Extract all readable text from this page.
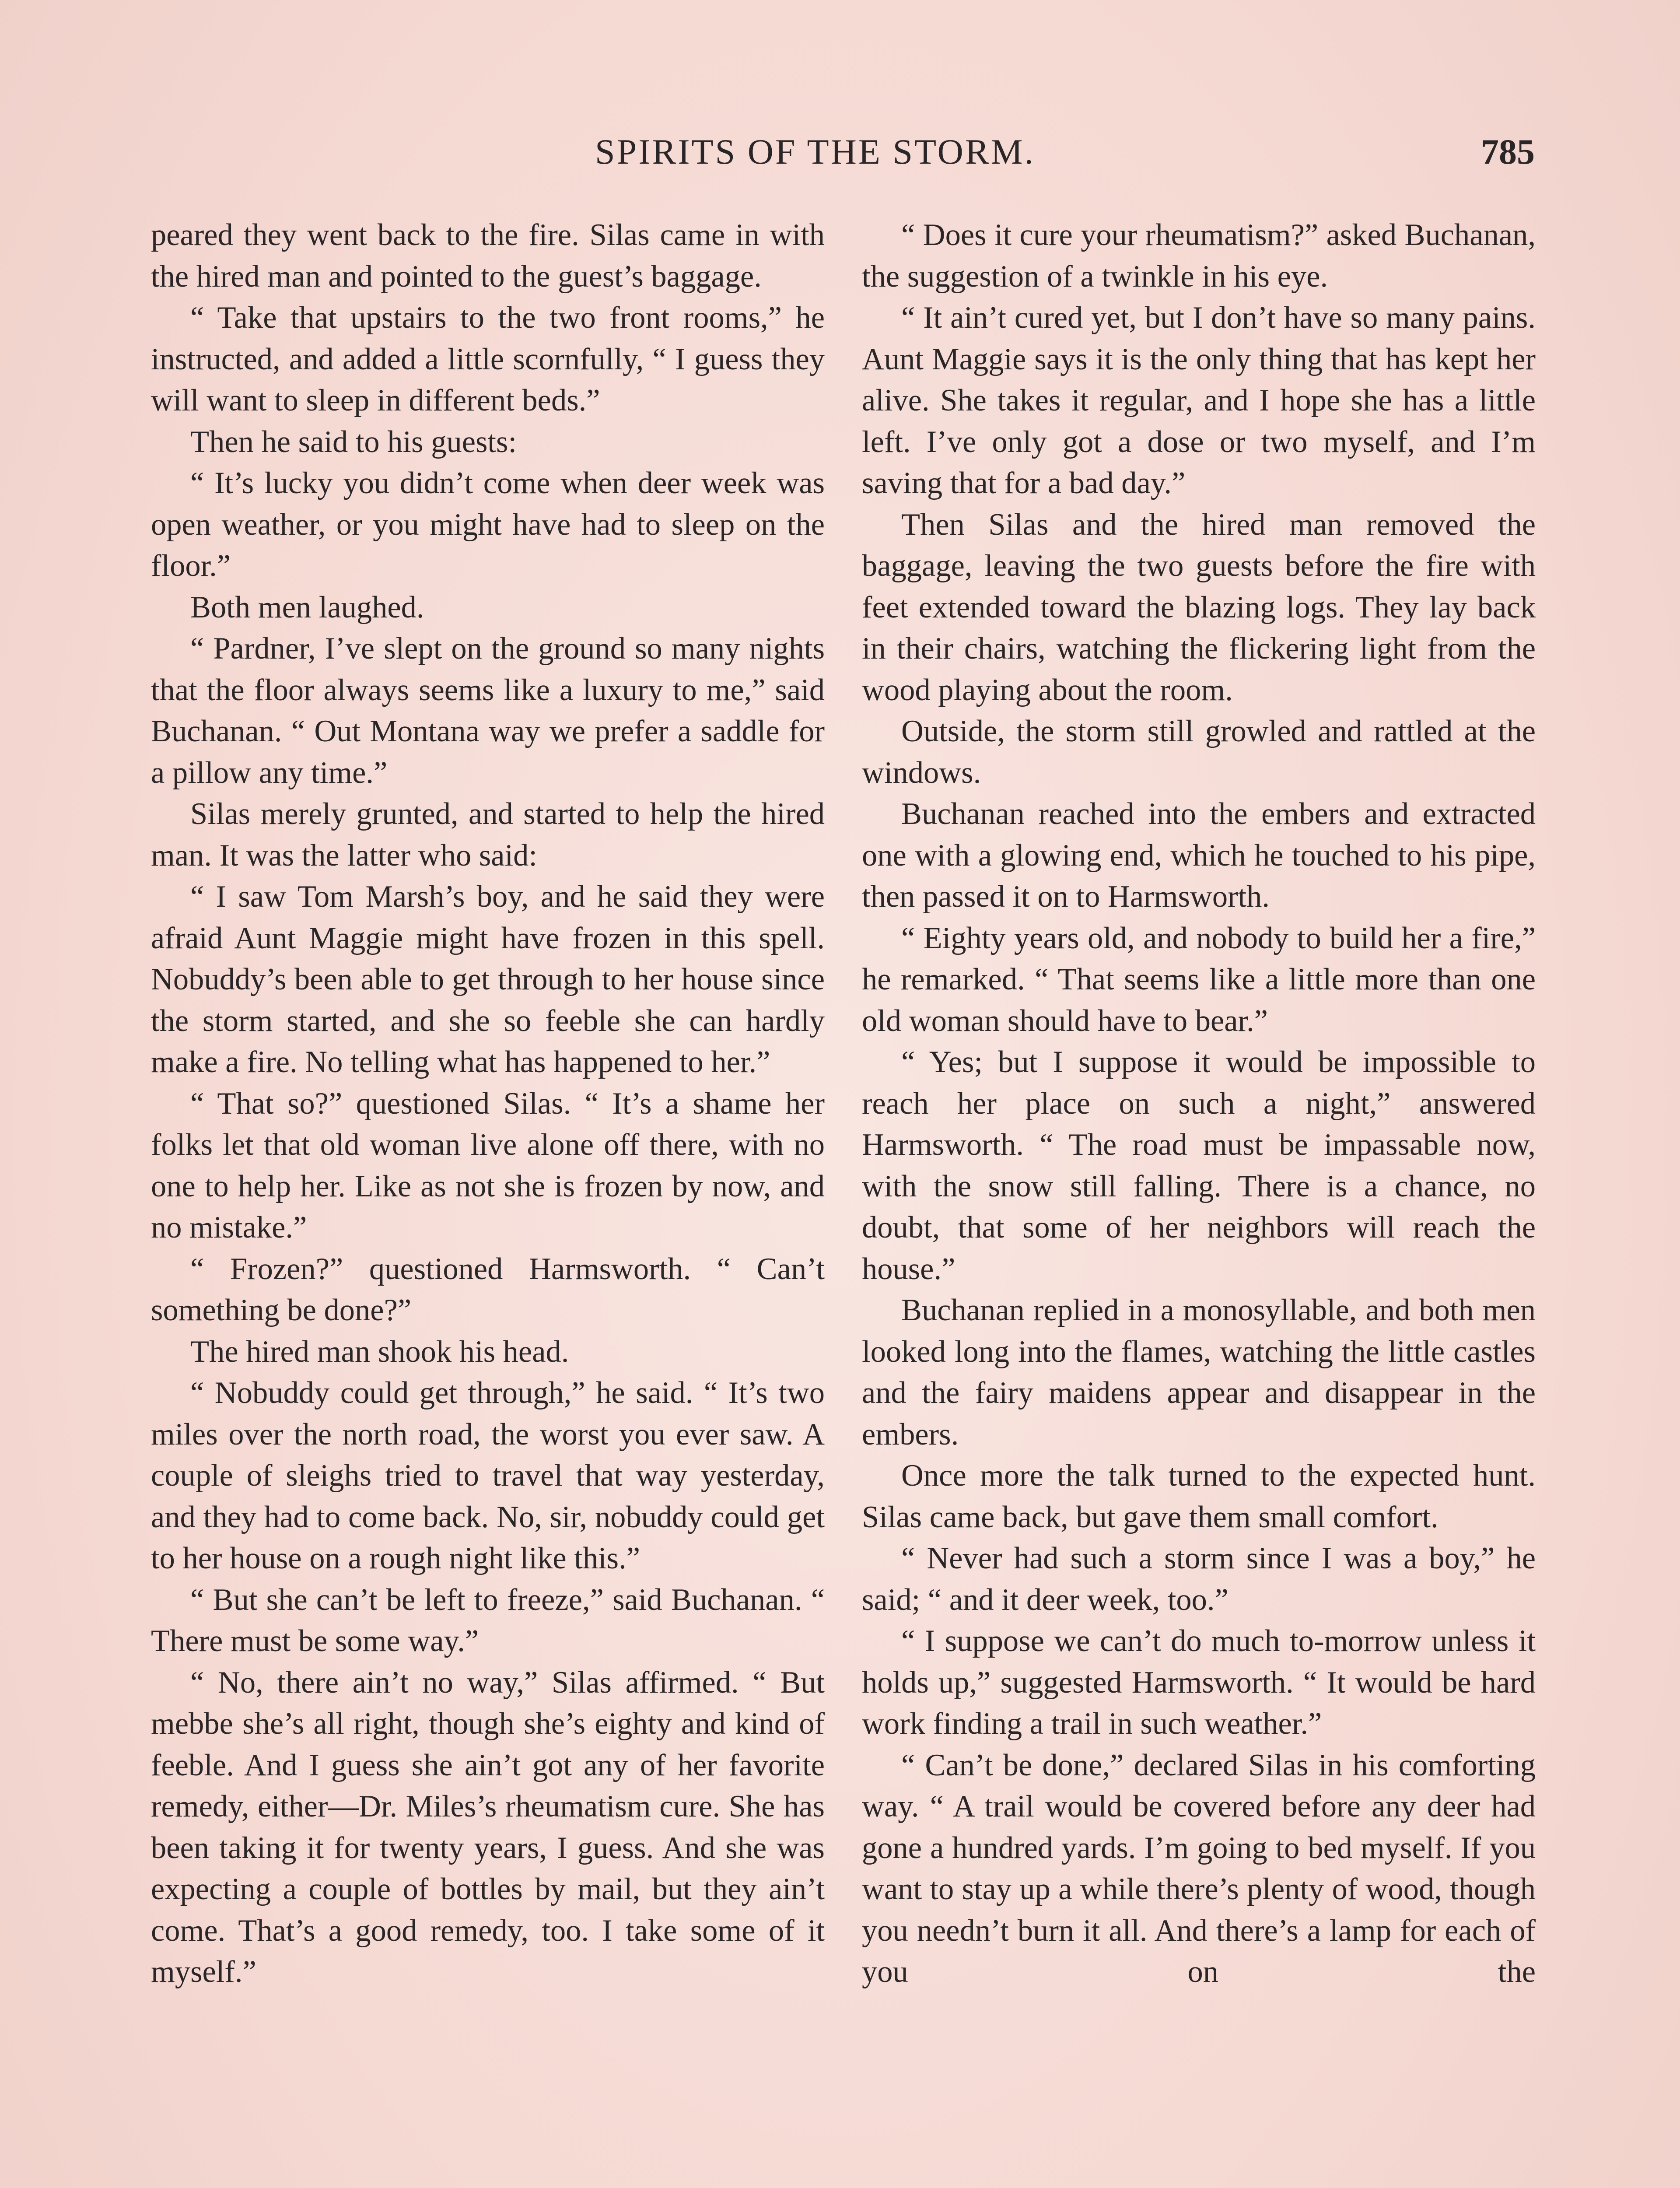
SPIRITS OF THE STORM.	785

peared they went back to the fire. Silas came in with the hired man and pointed to the guest’s baggage.

“ Take that upstairs to the two front rooms,” he instructed, and added a little scornfully, “ I guess they will want to sleep in different beds.”

Then he said to his guests:

“ It’s lucky you didn’t come when deer week was open weather, or you might have had to sleep on the floor.”

Both men laughed.

“ Pardner, I’ve slept on the ground so many nights that the floor always seems like a luxury to me,” said Buchanan. “ Out Montana way we prefer a saddle for a pillow any time.”

Silas merely grunted, and started to help the hired man. It was the latter who said:

“ I saw Tom Marsh’s boy, and he said they were afraid Aunt Maggie might have frozen in this spell. Nobuddy’s been able to get through to her house since the storm started, and she so feeble she can hardly make a fire. No telling what has happened to her.”

“ That so?” questioned Silas. “ It’s a shame her folks let that old woman live alone off there, with no one to help her. Like as not she is frozen by now, and no mistake.”

“ Frozen?” questioned Harmsworth. “ Can’t something be done?”

The hired man shook his head.

“ Nobuddy could get through,” he said. “ It’s two miles over the north road, the worst you ever saw. A couple of sleighs tried to travel that way yesterday, and they had to come back. No, sir, nobuddy could get to her house on a rough night like this.”

“ But she can’t be left to freeze,” said Buchanan. “ There must be some way.”

“ No, there ain’t no way,” Silas affirmed. “ But mebbe she’s all right, though she’s eighty and kind of feeble. And I guess she ain’t got any of her favorite remedy, either—Dr. Miles’s rheumatism cure. She has been taking it for twenty years, I guess. And she was expecting a couple of bottles by mail, but they ain’t come. That’s a good remedy, too. I take some of it myself.”

“ Does it cure your rheumatism?” asked Buchanan, the suggestion of a twinkle in his eye.

“ It ain’t cured yet, but I don’t have so many pains. Aunt Maggie says it is the only thing that has kept her alive. She takes it regular, and I hope she has a little left. I’ve only got a dose or two myself, and I’m saving that for a bad day.”

Then Silas and the hired man removed the baggage, leaving the two guests before the fire with feet extended toward the blazing logs. They lay back in their chairs, watching the flickering light from the wood playing about the room.

Outside, the storm still growled and rattled at the windows.

Buchanan reached into the embers and extracted one with a glowing end, which he touched to his pipe, then passed it on to Harmsworth.

“ Eighty years old, and nobody to build her a fire,” he remarked. “ That seems like a little more than one old woman should have to bear.”

“ Yes; but I suppose it would be impossible to reach her place on such a night,” answered Harmsworth. “ The road must be impassable now, with the snow still falling. There is a chance, no doubt, that some of her neighbors will reach the house.”

Buchanan replied in a monosyllable, and both men looked long into the flames, watching the little castles and the fairy maidens appear and disappear in the embers.

Once more the talk turned to the expected hunt. Silas came back, but gave them small comfort.

“ Never had such a storm since I was a boy,” he said; “ and it deer week, too.”

“ I suppose we can’t do much to-morrow unless it holds up,” suggested Harmsworth. “ It would be hard work finding a trail in such weather.”

“ Can’t be done,” declared Silas in his comforting way. “ A trail would be covered before any deer had gone a hundred yards. I’m going to bed myself. If you want to stay up a while there’s plenty of wood, though you needn’t burn it all. And there’s a lamp for each of you on the
